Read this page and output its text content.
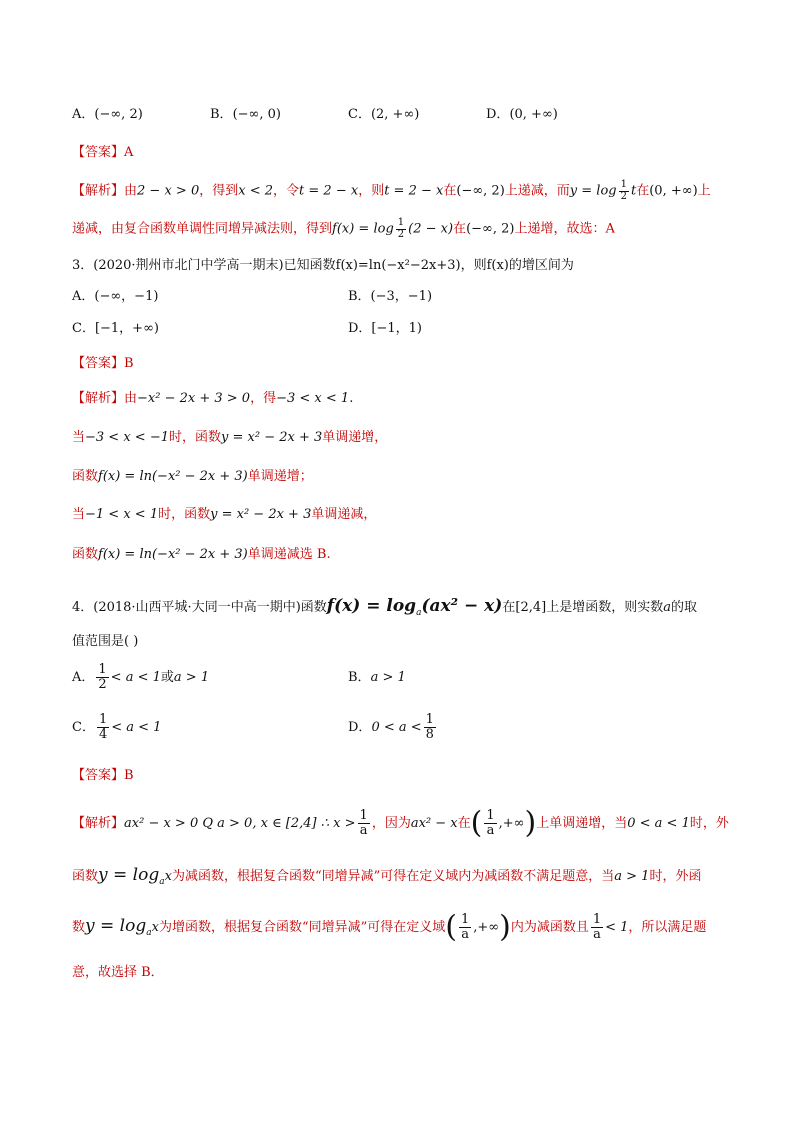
A．(−∞, 2)	B．(−∞, 0)	C．(2, +∞)	D．(0, +∞)
【答案】A
【解析】由2 − x > 0，得到x < 2，令t = 2 − x，则t = 2 − x在(−∞, 2)上递减，而$y = \log \frac{1}{2}$ t在(0, +∞)上
递减，由复合函数单调性同增异减法则，得到$f(x) = \log \frac{1}{2} (2 - x)$在(−∞, 2)上递增，故选：A
3．(2020·荆州市北门中学高一期末)已知函数f(x)=ln(−x²−2x+3)，则f(x)的增区间为
A．(−∞，−1)	B．(−3，−1)
C．[−1，+∞)	D．[−1，1)
【答案】B
【解析】由−x² − 2x + 3 > 0，得−3 < x < 1.
当−3 < x < −1时，函数y = x² − 2x + 3单调递增，
函数f(x) = ln(−x² − 2x + 3)单调递增；
当−1 < x < 1时，函数y = x² − 2x + 3单调递减，
函数f(x) = ln(−x² − 2x + 3)单调递减选 B.
4．(2018·山西平城·大同一中高一期中)函数$f(x) = \log_a(ax^2 - x)$在[2,4]上是增函数，则实数a的取
值范围是( )
A． $\frac{1}{2} < a < 1$或a > 1	B．a > 1
C． $\frac{1}{4} < a < 1$	D．$0 < a < \frac{1}{8}$
【答案】B
【解析】ax² − x > 0 Q a > 0, x ∈ [2,4] ∴ $x > \frac{1}{a}$ ，因为ax² − x在( $\frac{1}{a}$ ,+∞)上单调递增，当0 < a < 1时，外
函数$y = \log_ax$为减函数，根据复合函数“同增异减”可得在定义域内为减函数不满足题意，当a > 1时，外函
数$y = \log_ax$为增函数，根据复合函数“同增异减”可得在定义域( $\frac{1}{a}$ ,+∞)内为减函数且 $\frac{1}{a} < 1$，所以满足题
意，故选择 B．
